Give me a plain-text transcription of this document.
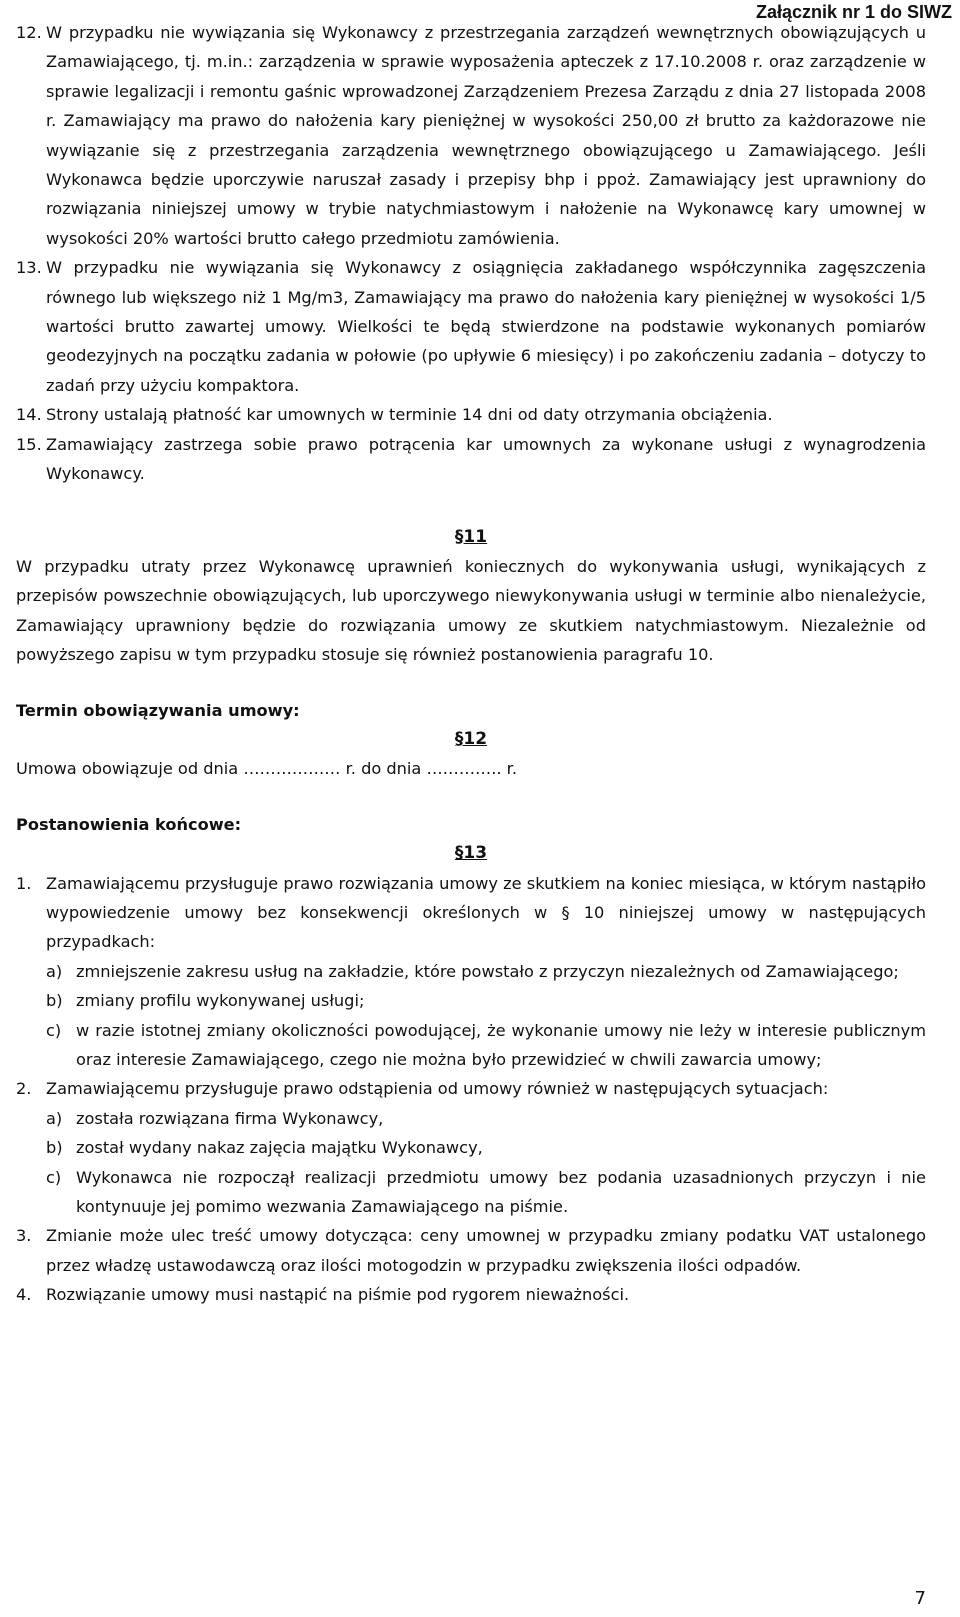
Załącznik nr 1 do SIWZ
12. W przypadku nie wywiązania się Wykonawcy z przestrzegania zarządzeń wewnętrznych obowiązujących u Zamawiającego, tj. m.in.: zarządzenia w sprawie wyposażenia apteczek z 17.10.2008 r. oraz zarządzenie w sprawie legalizacji i remontu gaśnic wprowadzonej Zarządzeniem Prezesa Zarządu z dnia 27 listopada 2008 r. Zamawiający ma prawo do nałożenia kary pieniężnej w wysokości 250,00 zł brutto za każdorazowe nie wywiązanie się z przestrzegania zarządzenia wewnętrznego obowiązującego u Zamawiającego. Jeśli Wykonawca będzie uporczywie naruszał zasady i przepisy bhp i ppoż. Zamawiający jest uprawniony do rozwiązania niniejszej umowy w trybie natychmiastowym i nałożenie na Wykonawcę kary umownej w wysokości 20% wartości brutto całego przedmiotu zamówienia.
13. W przypadku nie wywiązania się Wykonawcy z osiągnięcia zakładanego współczynnika zagęszczenia równego lub większego niż 1 Mg/m3, Zamawiający ma prawo do nałożenia kary pieniężnej w wysokości 1/5 wartości brutto zawartej umowy. Wielkości te będą stwierdzone na podstawie wykonanych pomiarów geodezyjnych na początku zadania w połowie (po upływie 6 miesięcy) i po zakończeniu zadania – dotyczy to zadań przy użyciu kompaktora.
14. Strony ustalają płatność kar umownych w terminie 14 dni od daty otrzymania obciążenia.
15. Zamawiający zastrzega sobie prawo potrącenia kar umownych za wykonane usługi z wynagrodzenia Wykonawcy.
§11
W przypadku utraty przez Wykonawcę uprawnień koniecznych do wykonywania usługi, wynikających z przepisów powszechnie obowiązujących, lub uporczywego niewykonywania usługi w terminie albo nienależycie, Zamawiający uprawniony będzie do rozwiązania umowy ze skutkiem natychmiastowym. Niezależnie od powyższego zapisu w tym przypadku stosuje się również postanowienia paragrafu 10.
Termin obowiązywania umowy:
§12
Umowa obowiązuje od dnia ……………… r. do dnia ………….. r.
Postanowienia końcowe:
§13
1. Zamawiającemu przysługuje prawo rozwiązania umowy ze skutkiem na koniec miesiąca, w którym nastąpiło wypowiedzenie umowy bez konsekwencji określonych w § 10 niniejszej umowy w następujących przypadkach:
a) zmniejszenie zakresu usług na zakładzie, które powstało z przyczyn niezależnych od Zamawiającego;
b) zmiany profilu wykonywanej usługi;
c) w razie istotnej zmiany okoliczności powodującej, że wykonanie umowy nie leży w interesie publicznym oraz interesie Zamawiającego, czego nie można było przewidzieć w chwili zawarcia umowy;
2. Zamawiającemu przysługuje prawo odstąpienia od umowy również w następujących sytuacjach:
a) została rozwiązana firma Wykonawcy,
b) został wydany nakaz zajęcia majątku Wykonawcy,
c) Wykonawca nie rozpoczął realizacji przedmiotu umowy bez podania uzasadnionych przyczyn i nie kontynuuje jej pomimo wezwania Zamawiającego na piśmie.
3. Zmianie może ulec treść umowy dotycząca: ceny umownej w przypadku zmiany podatku VAT ustalonego przez władzę ustawodawczą oraz ilości motogodzin w przypadku zwiększenia ilości odpadów.
4. Rozwiązanie umowy musi nastąpić na piśmie pod rygorem nieważności.
7
